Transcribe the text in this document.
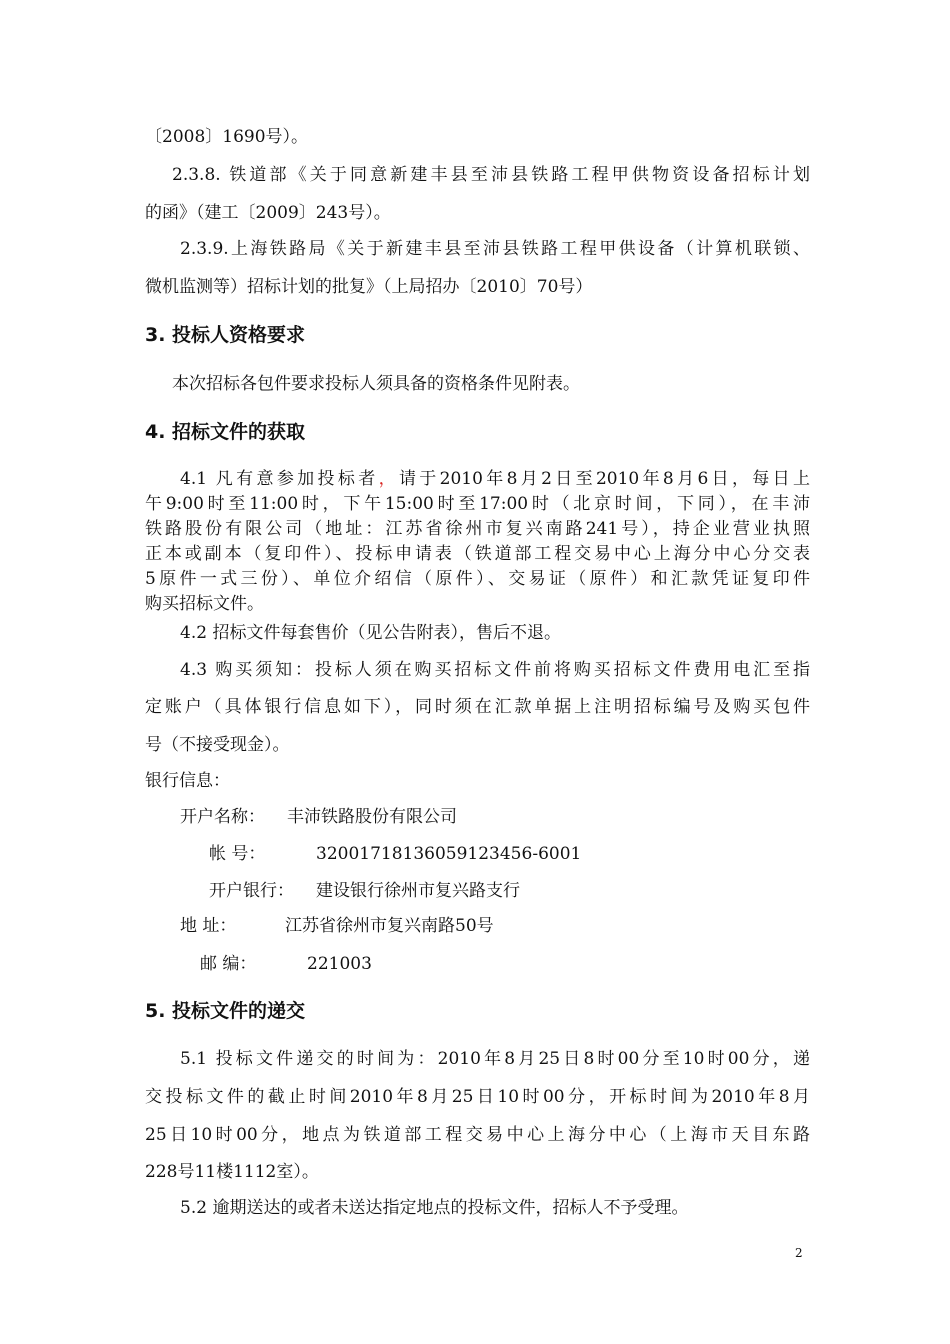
〔2008〕1690号）。
2.3.8. 铁道部《关于同意新建丰县至沛县铁路工程甲供物资设备招标计划
的函》（建工〔2009〕243号）。
2.3.9.上海铁路局《关于新建丰县至沛县铁路工程甲供设备（计算机联锁、
微机监测等）招标计划的批复》（上局招办〔2010〕70号）
3. 投标人资格要求
本次招标各包件要求投标人须具备的资格条件见附表。
4. 招标文件的获取
4.1 凡有意参加投标者，请于2010年8月2日至2010年8月6日，每日上
午9:00时至11:00时，下午15:00时至17:00时（北京时间，下同），在丰沛
铁路股份有限公司（地址：江苏省徐州市复兴南路241号），持企业营业执照
正本或副本（复印件）、投标申请表（铁道部工程交易中心上海分中心分交表
5原件一式三份）、单位介绍信（原件）、交易证（原件）和汇款凭证复印件
购买招标文件。
4.2 招标文件每套售价（见公告附表），售后不退。
4.3 购买须知：投标人须在购买招标文件前将购买招标文件费用电汇至指
定账户（具体银行信息如下），同时须在汇款单据上注明招标编号及购买包件
号（不接受现金）。
银行信息：
开户名称： 丰沛铁路股份有限公司
帐 号：	32001718136059123456-6001
开户银行： 建设银行徐州市复兴路支行
地 址：	江苏省徐州市复兴南路50号
邮 编：	221003
5. 投标文件的递交
5.1 投标文件递交的时间为：2010年8月25日8时00分至10时00分，递
交投标文件的截止时间2010年8月25日10时00分，开标时间为2010年8月
25日10时00分，地点为铁道部工程交易中心上海分中心（上海市天目东路
228号11楼1112室）。
5.2 逾期送达的或者未送达指定地点的投标文件，招标人不予受理。
2
